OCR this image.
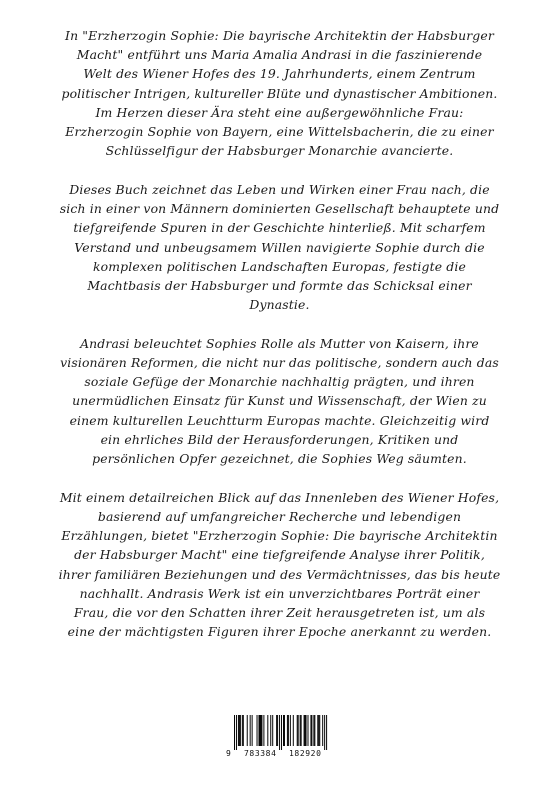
In "Erzherzogin Sophie: Die bayrische Architektin der Habsburger
Macht" entführt uns Maria Amalia Andrasi in die faszinierende
Welt des Wiener Hofes des 19. Jahrhunderts, einem Zentrum
politischer Intrigen, kultureller Blüte und dynastischer Ambitionen.
Im Herzen dieser Ära steht eine außergewöhnliche Frau:
Erzherzogin Sophie von Bayern, eine Wittelsbacherin, die zu einer
Schlüsselfigur der Habsburger Monarchie avancierte.
Dieses Buch zeichnet das Leben und Wirken einer Frau nach, die
sich in einer von Männern dominierten Gesellschaft behauptete und
tiefgreifende Spuren in der Geschichte hinterließ. Mit scharfem
Verstand und unbeugsamem Willen navigierte Sophie durch die
komplexen politischen Landschaften Europas, festigte die
Machtbasis der Habsburger und formte das Schicksal einer
Dynastie.
Andrasi beleuchtet Sophies Rolle als Mutter von Kaisern, ihre
visionären Reformen, die nicht nur das politische, sondern auch das
soziale Gefüge der Monarchie nachhaltig prägten, und ihren
unermüdlichen Einsatz für Kunst und Wissenschaft, der Wien zu
einem kulturellen Leuchtturm Europas machte. Gleichzeitig wird
ein ehrliches Bild der Herausforderungen, Kritiken und
persönlichen Opfer gezeichnet, die Sophies Weg säumten.
Mit einem detailreichen Blick auf das Innenleben des Wiener Hofes,
basierend auf umfangreicher Recherche und lebendigen
Erzählungen, bietet "Erzherzogin Sophie: Die bayrische Architektin
der Habsburger Macht" eine tiefgreifende Analyse ihrer Politik,
ihrer familiären Beziehungen und des Vermächtnisses, das bis heute
nachhallt. Andrasis Werk ist ein unverzichtbares Porträt einer
Frau, die vor den Schatten ihrer Zeit herausgetreten ist, um als
eine der mächtigsten Figuren ihrer Epoche anerkannt zu werden.
9 783384 182920
